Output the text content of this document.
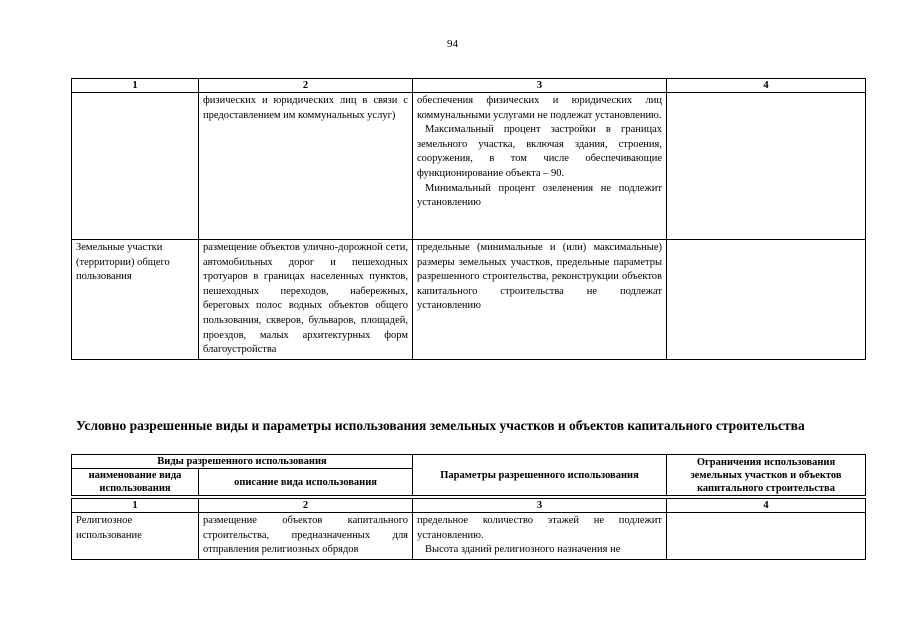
94
1	2	3	4
	физических и юридических лиц в связи с предоставлением им коммунальных услуг)	обеспечения физических и юридических лиц коммунальными услугами не подлежат установлению.
Максимальный процент застройки в границах земельного участка, включая здания, строения, сооружения, в том числе обеспечивающие функционирование объекта – 90.
Минимальный процент озеленения не подлежит установлению	

Земельные участки (территории) общего пользования	размещение объектов улично-дорожной сети, автомобильных дорог и пешеходных тротуаров в границах населенных пунктов, пешеходных переходов, набережных, береговых полос водных объектов общего пользования, скверов, бульваров, площадей, проездов, малых архитектурных форм благоустройства	предельные (минимальные и (или) максимальные) размеры земельных участков, предельные параметры разрешенного строительства, реконструкции объектов капитального строительства не подлежат установлению	

Условно разрешенные виды и параметры использования земельных участков и объектов капитального строительства
Виды разрешенного использования		Параметры разрешенного использования	Ограничения использования земельных участков и объектов капитального строительства
наименование вида использования	описание вида использования		

1	2	3	4
Религиозное использование	размещение объектов капитального строительства, предназначенных для отправления религиозных обрядов	предельное количество этажей не подлежит установлению.
Высота зданий религиозного назначения не	
